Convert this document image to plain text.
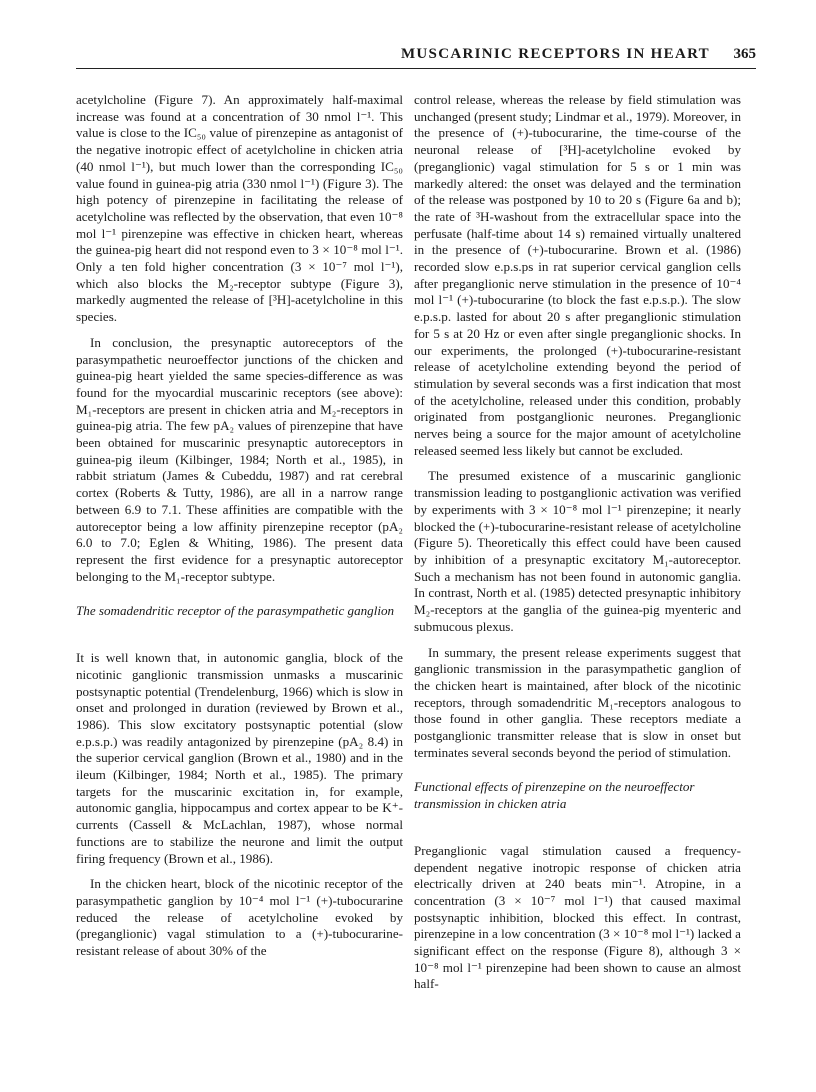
MUSCARINIC RECEPTORS IN HEART 365

acetylcholine (Figure 7). An approximately half-maximal increase was found at a concentration of 30 nmol l⁻¹. This value is close to the IC₅₀ value of pirenzepine as antagonist of the negative inotropic effect of acetylcholine in chicken atria (40 nmol l⁻¹), but much lower than the corresponding IC₅₀ value found in guinea-pig atria (330 nmol l⁻¹) (Figure 3). The high potency of pirenzepine in facilitating the release of acetylcholine was reflected by the observation, that even 10⁻⁸ mol l⁻¹ pirenzepine was effective in chicken heart, whereas the guinea-pig heart did not respond even to 3 × 10⁻⁸ mol l⁻¹. Only a ten fold higher concentration (3 × 10⁻⁷ mol l⁻¹), which also blocks the M₂-receptor subtype (Figure 3), markedly augmented the release of [³H]-acetylcholine in this species.

In conclusion, the presynaptic autoreceptors of the parasympathetic neuroeffector junctions of the chicken and guinea-pig heart yielded the same species-difference as was found for the myocardial muscarinic receptors (see above): M₁-receptors are present in chicken atria and M₂-receptors in guinea-pig atria. The few pA₂ values of pirenzepine that have been obtained for muscarinic presynaptic autoreceptors in guinea-pig ileum (Kilbinger, 1984; North et al., 1985), in rabbit striatum (James & Cubeddu, 1987) and rat cerebral cortex (Roberts & Tutty, 1986), are all in a narrow range between 6.9 to 7.1. These affinities are compatible with the autoreceptor being a low affinity pirenzepine receptor (pA₂ 6.0 to 7.0; Eglen & Whiting, 1986). The present data represent the first evidence for a presynaptic autoreceptor belonging to the M₁-receptor subtype.

The somadendritic receptor of the parasympathetic ganglion

It is well known that, in autonomic ganglia, block of the nicotinic ganglionic transmission unmasks a muscarinic postsynaptic potential (Trendelenburg, 1966) which is slow in onset and prolonged in duration (reviewed by Brown et al., 1986). This slow excitatory postsynaptic potential (slow e.p.s.p.) was readily antagonized by pirenzepine (pA₂ 8.4) in the superior cervical ganglion (Brown et al., 1980) and in the ileum (Kilbinger, 1984; North et al., 1985). The primary targets for the muscarinic excitation in, for example, autonomic ganglia, hippocampus and cortex appear to be K⁺-currents (Cassell & McLachlan, 1987), whose normal functions are to stabilize the neurone and limit the output firing frequency (Brown et al., 1986).

In the chicken heart, block of the nicotinic receptor of the parasympathetic ganglion by 10⁻⁴ mol l⁻¹ (+)-tubocurarine reduced the release of acetylcholine evoked by (preganglionic) vagal stimulation to a (+)-tubocurarine-resistant release of about 30% of the

control release, whereas the release by field stimulation was unchanged (present study; Lindmar et al., 1979). Moreover, in the presence of (+)-tubocurarine, the time-course of the neuronal release of [³H]-acetylcholine evoked by (preganglionic) vagal stimulation for 5 s or 1 min was markedly altered: the onset was delayed and the termination of the release was postponed by 10 to 20 s (Figure 6a and b); the rate of ³H-washout from the extracellular space into the perfusate (half-time about 14 s) remained virtually unaltered in the presence of (+)-tubocurarine. Brown et al. (1986) recorded slow e.p.s.ps in rat superior cervical ganglion cells after preganglionic nerve stimulation in the presence of 10⁻⁴ mol l⁻¹ (+)-tubocurarine (to block the fast e.p.s.p.). The slow e.p.s.p. lasted for about 20 s after preganglionic stimulation for 5 s at 20 Hz or even after single preganglionic shocks. In our experiments, the prolonged (+)-tubocurarine-resistant release of acetylcholine extending beyond the period of stimulation by several seconds was a first indication that most of the acetylcholine, released under this condition, probably originated from postganglionic neurones. Preganglionic nerves being a source for the major amount of acetylcholine released seemed less likely but cannot be excluded.

The presumed existence of a muscarinic ganglionic transmission leading to postganglionic activation was verified by experiments with 3 × 10⁻⁸ mol l⁻¹ pirenzepine; it nearly blocked the (+)-tubocurarine-resistant release of acetylcholine (Figure 5). Theoretically this effect could have been caused by inhibition of a presynaptic excitatory M₁-autoreceptor. Such a mechanism has not been found in autonomic ganglia. In contrast, North et al. (1985) detected presynaptic inhibitory M₂-receptors at the ganglia of the guinea-pig myenteric and submucous plexus.

In summary, the present release experiments suggest that ganglionic transmission in the parasympathetic ganglion of the chicken heart is maintained, after block of the nicotinic receptors, through somadendritic M₁-receptors analogous to those found in other ganglia. These receptors mediate a postganglionic transmitter release that is slow in onset but terminates several seconds beyond the period of stimulation.

Functional effects of pirenzepine on the neuroeffector transmission in chicken atria

Preganglionic vagal stimulation caused a frequency-dependent negative inotropic response of chicken atria electrically driven at 240 beats min⁻¹. Atropine, in a concentration (3 × 10⁻⁷ mol l⁻¹) that caused maximal postsynaptic inhibition, blocked this effect. In contrast, pirenzepine in a low concentration (3 × 10⁻⁸ mol l⁻¹) lacked a significant effect on the response (Figure 8), although 3 × 10⁻⁸ mol l⁻¹ pirenzepine had been shown to cause an almost half-
